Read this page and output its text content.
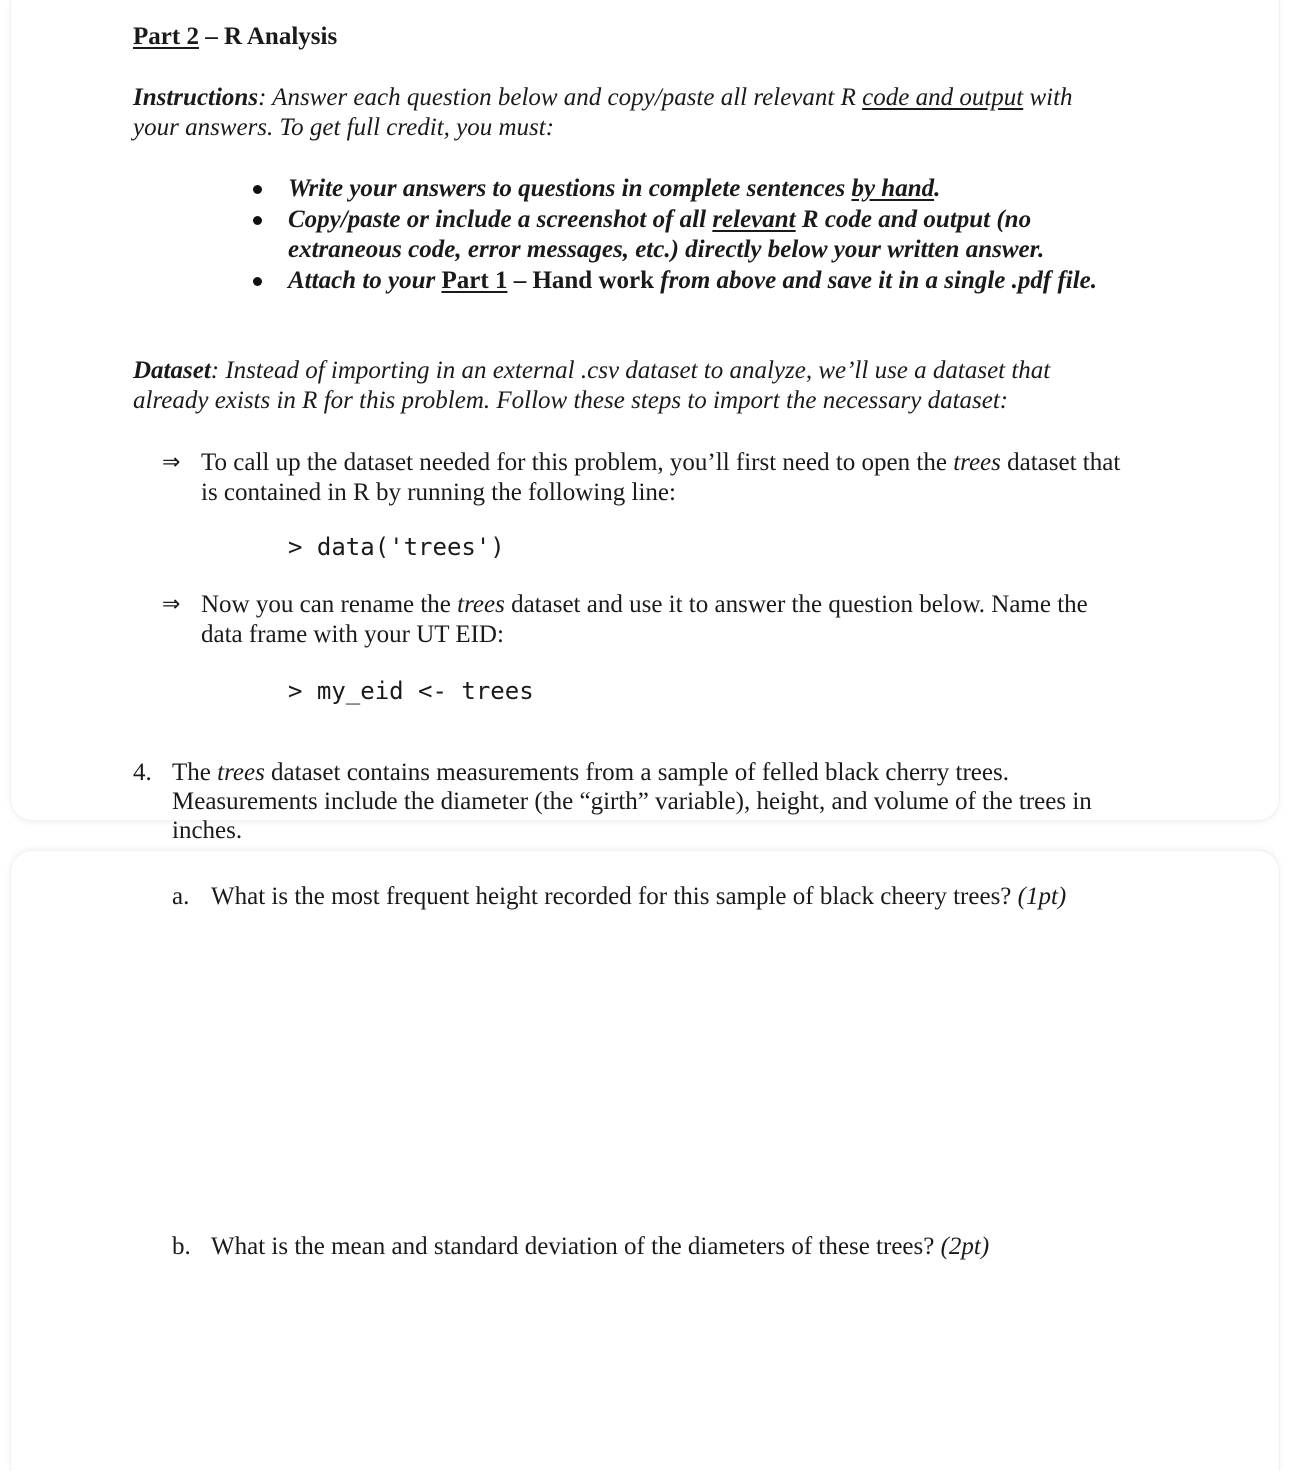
Part 2 – R Analysis
Instructions: Answer each question below and copy/paste all relevant R code and output with
your answers. To get full credit, you must:
Write your answers to questions in complete sentences by hand.
Copy/paste or include a screenshot of all relevant R code and output (no
extraneous code, error messages, etc.) directly below your written answer.
Attach to your Part 1 – Hand work from above and save it in a single .pdf file.
Dataset: Instead of importing in an external .csv dataset to analyze, we’ll use a dataset that
already exists in R for this problem. Follow these steps to import the necessary dataset:
⇒ To call up the dataset needed for this problem, you’ll first need to open the trees dataset that
is contained in R by running the following line:
> data('trees')
⇒ Now you can rename the trees dataset and use it to answer the question below. Name the
data frame with your UT EID:
> my_eid <- trees
4. The trees dataset contains measurements from a sample of felled black cherry trees.
Measurements include the diameter (the “girth” variable), height, and volume of the trees in
inches.
a. What is the most frequent height recorded for this sample of black cheery trees? (1pt)
b. What is the mean and standard deviation of the diameters of these trees? (2pt)
